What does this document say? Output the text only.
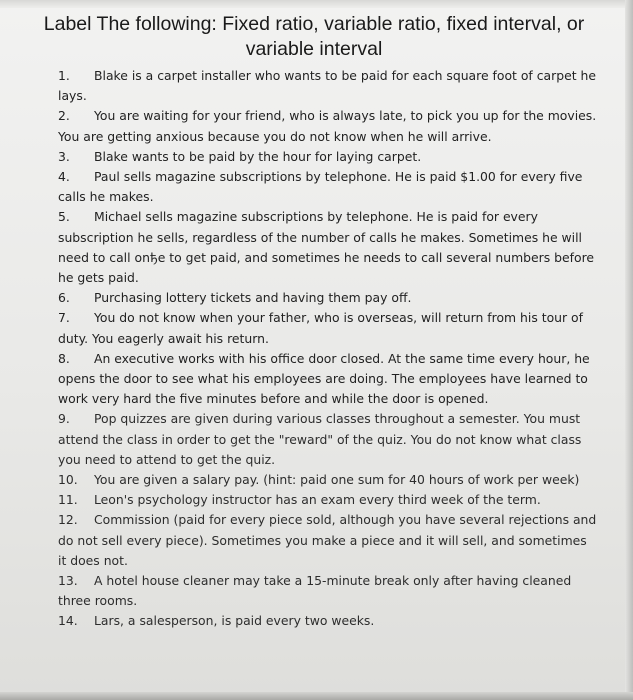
Label The following: Fixed ratio, variable ratio, fixed interval, or variable interval

1. Blake is a carpet installer who wants to be paid for each square foot of carpet he lays.

2. You are waiting for your friend, who is always late, to pick you up for the movies. You are getting anxious because you do not know when he will arrive.

3. Blake wants to be paid by the hour for laying carpet.

4. Paul sells magazine subscriptions by telephone. He is paid $1.00 for every five calls he makes.

5. Michael sells magazine subscriptions by telephone. He is paid for every subscription he sells, regardless of the number of calls he makes. Sometimes he will need to call onђe to get paid, and sometimes he needs to call several numbers before he gets paid.

6. Purchasing lottery tickets and having them pay off.

7. You do not know when your father, who is overseas, will return from his tour of duty. You eagerly await his return.

8. An executive works with his office door closed. At the same time every hour, he opens the door to see what his employees are doing. The employees have learned to work very hard the five minutes before and while the door is opened.

9. Pop quizzes are given during various classes throughout a semester. You must attend the class in order to get the "reward" of the quiz. You do not know what class you need to attend to get the quiz.

10. You are given a salary pay. (hint: paid one sum for 40 hours of work per week)

11. Leon's psychology instructor has an exam every third week of the term.

12. Commission (paid for every piece sold, although you have several rejections and do not sell every piece). Sometimes you make a piece and it will sell, and sometimes it does not.

13. A hotel house cleaner may take a 15-minute break only after having cleaned three rooms.

14. Lars, a salesperson, is paid every two weeks.
